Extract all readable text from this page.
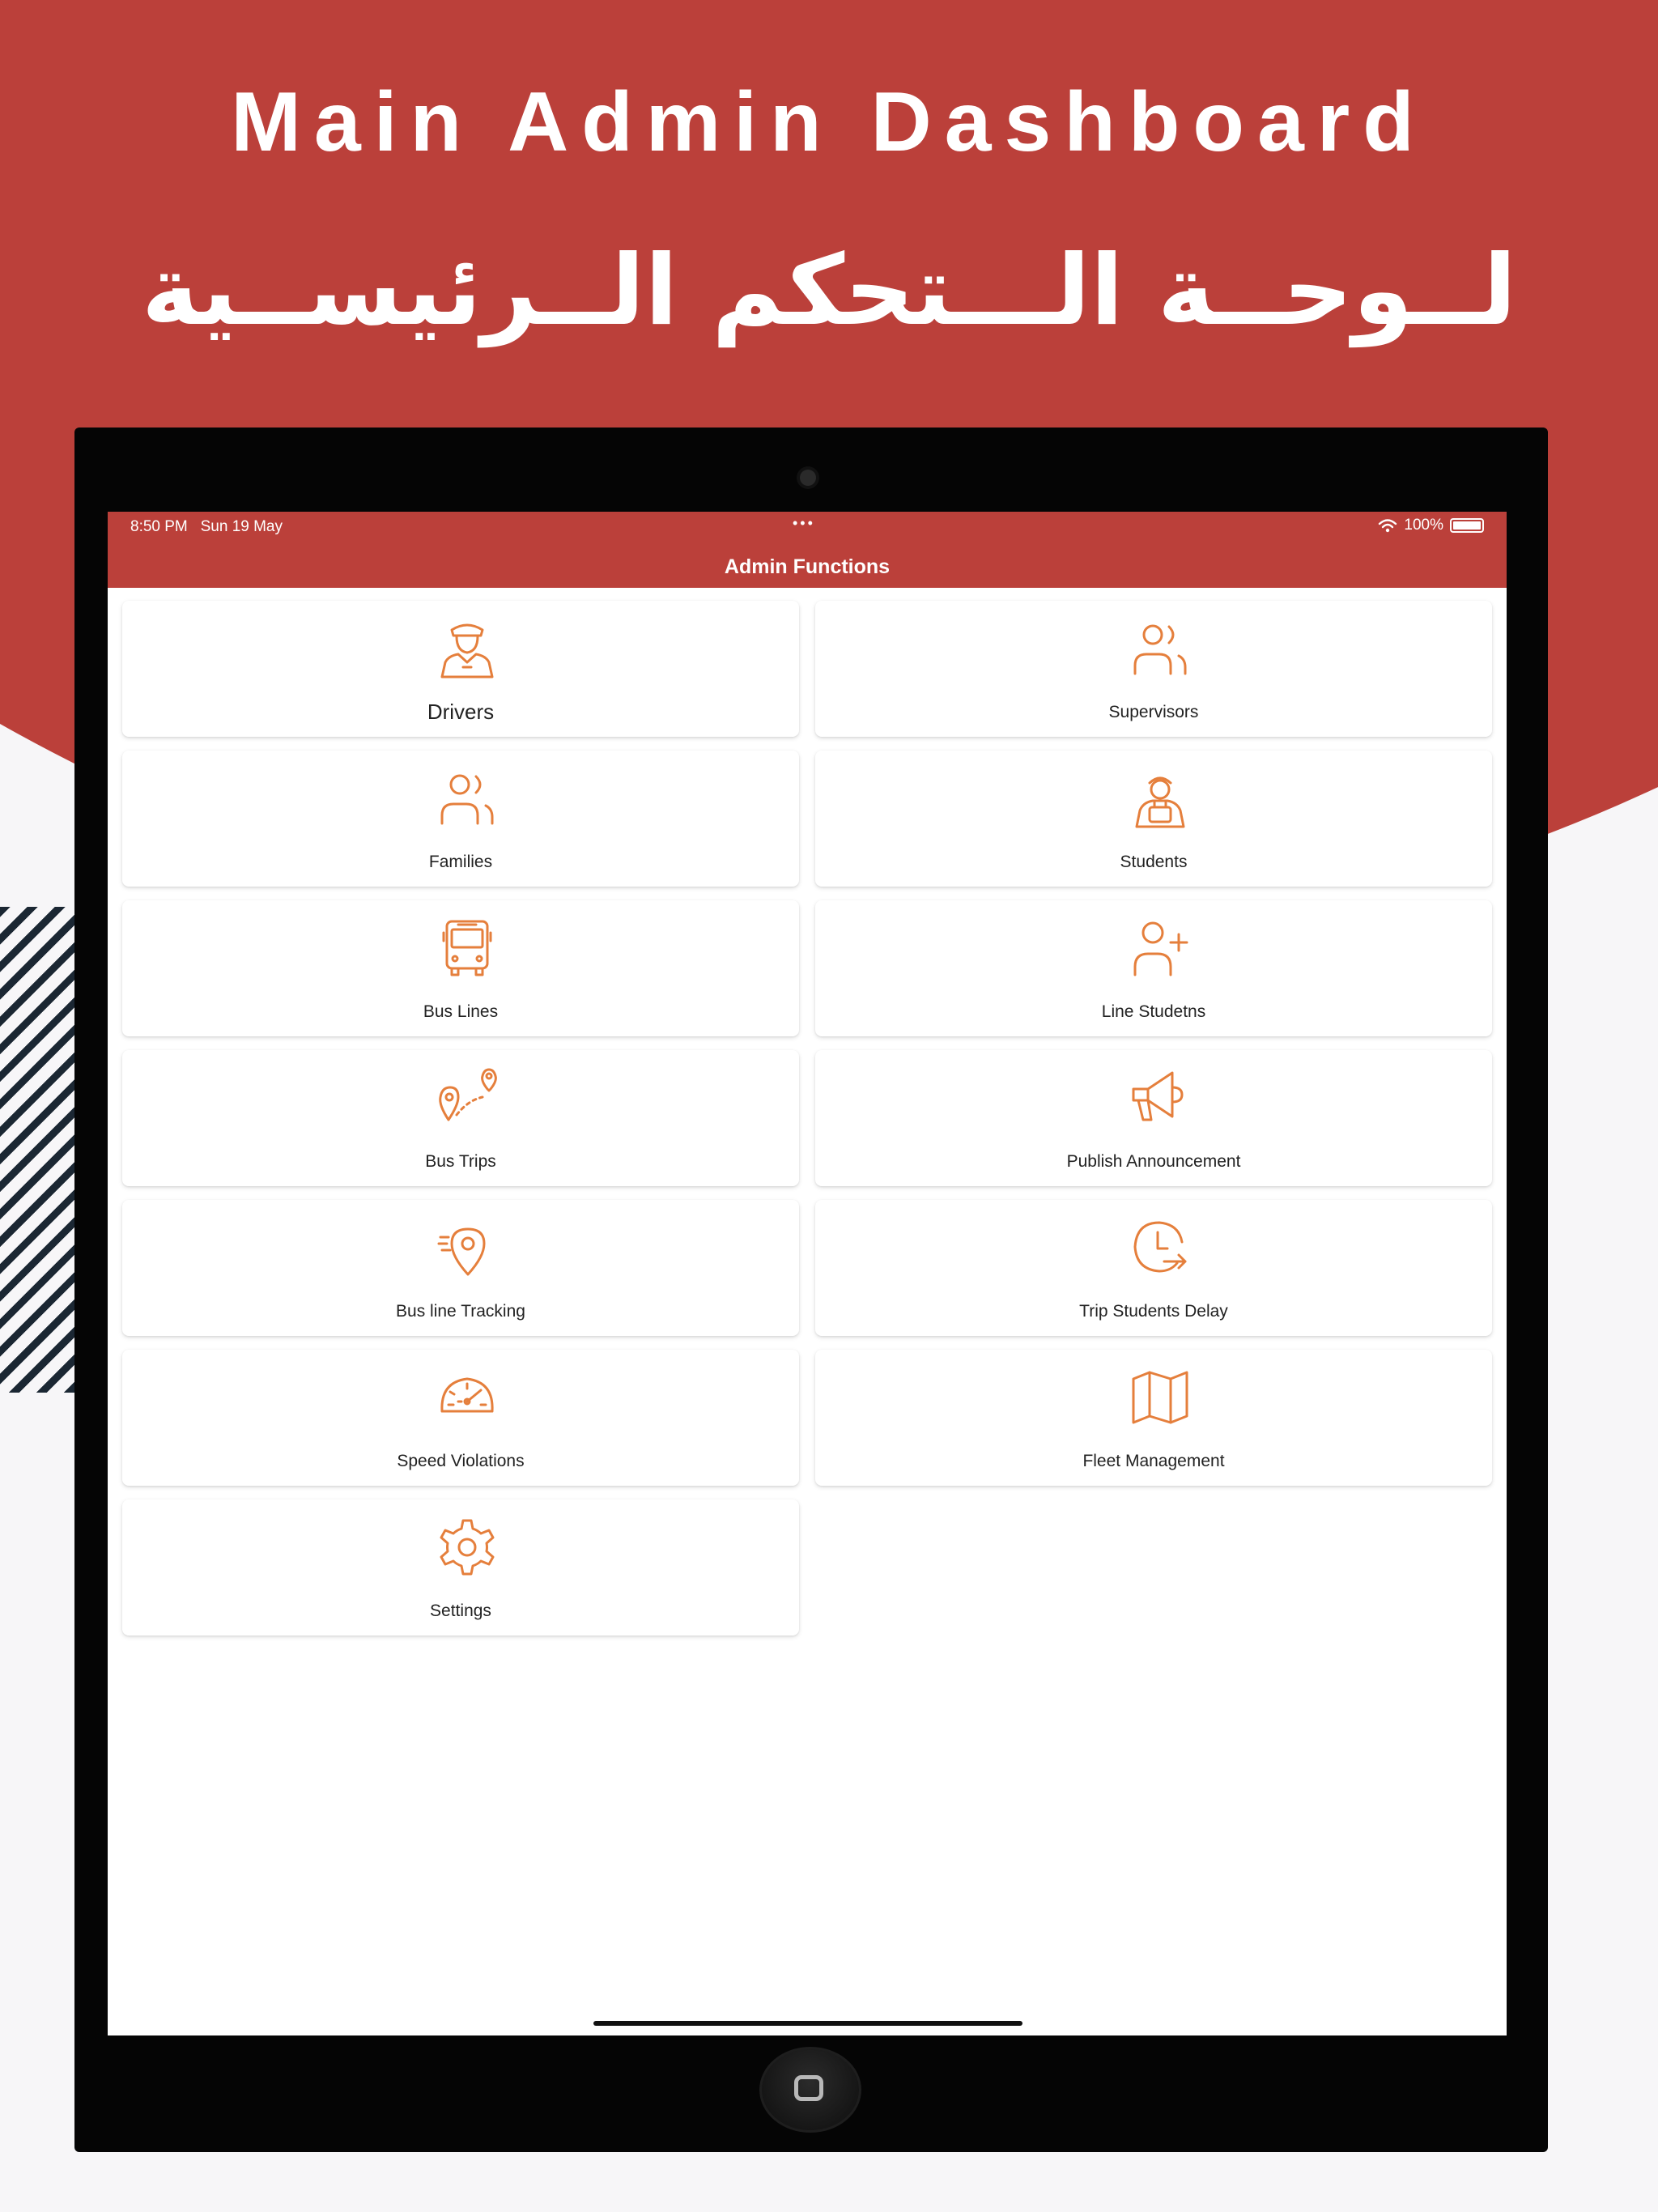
Main Admin Dashboard
لــوحــة الـــتحكم الــرئيســية
8:50 PM Sun 19 May	•••	100%
Admin Functions
Drivers	Supervisors
Families	Students
Bus Lines	Line Studetns
Bus Trips	Publish Announcement
Bus line Tracking	Trip Students Delay
Speed Violations	Fleet Management
Settings
